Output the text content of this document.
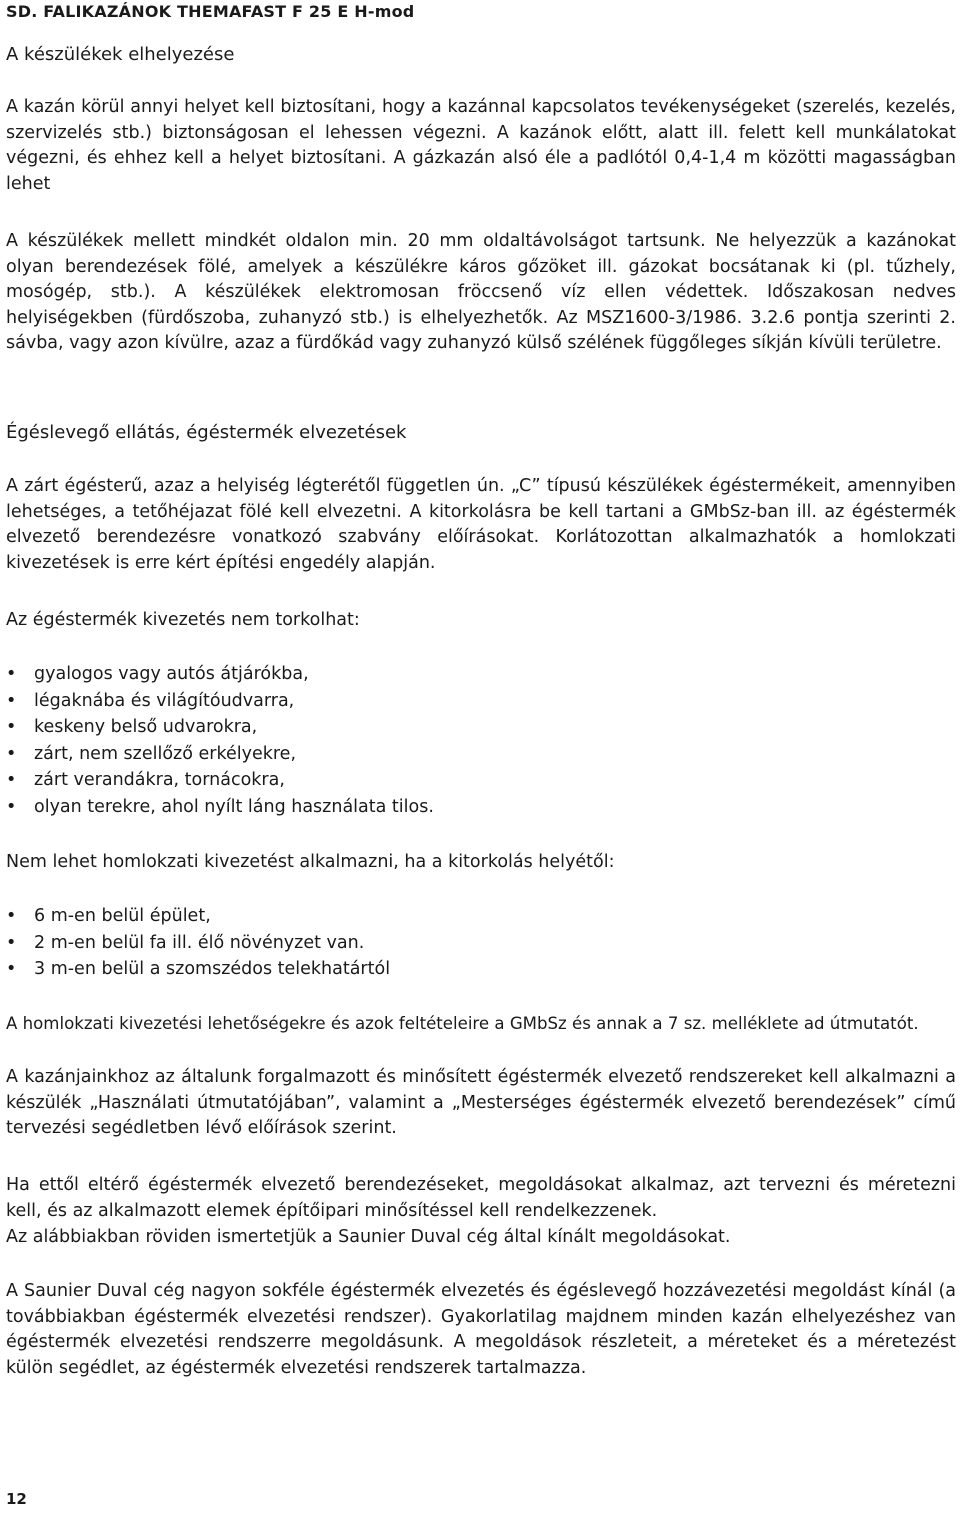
SD. FALIKAZÁNOK THEMAFAST F 25 E H-mod
A készülékek elhelyezése

A kazán körül annyi helyet kell biztosítani, hogy a kazánnal kapcsolatos tevékenységeket (szerelés, kezelés, szervizelés stb.) biztonságosan el lehessen végezni. A kazánok előtt, alatt ill. felett kell munkálatokat végezni, és ehhez kell a helyet biztosítani. A gázkazán alsó éle a padlótól 0,4-1,4 m közötti magasságban lehet

A készülékek mellett mindkét oldalon min. 20 mm oldaltávolságot tartsunk. Ne helyezzük a kazánokat olyan berendezések fölé, amelyek a készülékre káros gőzöket ill. gázokat bocsátanak ki (pl. tűzhely, mosógép, stb.). A készülékek elektromosan fröccsenő víz ellen védettek. Időszakosan nedves helyiségekben (fürdőszoba, zuhanyzó stb.) is elhelyezhetők. Az MSZ1600-3/1986. 3.2.6 pontja szerinti 2. sávba, vagy azon kívülre, azaz a fürdőkád vagy zuhanyzó külső szélének függőleges síkján kívüli területre.

Égéslevegő ellátás, égéstermék elvezetések

A zárt égésterű, azaz a helyiség légterétől független ún. „C” típusú készülékek égéstermékeit, amennyiben lehetséges, a tetőhéjazat fölé kell elvezetni. A kitorkolásra be kell tartani a GMbSz-ban ill. az égéstermék elvezető berendezésre vonatkozó szabvány előírásokat. Korlátozottan alkalmazhatók a homlokzati kivezetések is erre kért építési engedély alapján.

Az égéstermék kivezetés nem torkolhat:

• gyalogos vagy autós átjárókba,
• légaknába és világítóudvarra,
• keskeny belső udvarokra,
• zárt, nem szellőző erkélyekre,
• zárt verandákra, tornácokra,
• olyan terekre, ahol nyílt láng használata tilos.

Nem lehet homlokzati kivezetést alkalmazni, ha a kitorkolás helyétől:

• 6 m-en belül épület,
• 2 m-en belül fa ill. élő növényzet van.
• 3 m-en belül a szomszédos telekhatártól

A homlokzati kivezetési lehetőségekre és azok feltételeire a GMbSz és annak a 7 sz. melléklete ad útmutatót.

A kazánjainkhoz az általunk forgalmazott és minősített égéstermék elvezető rendszereket kell alkalmazni a készülék „Használati útmutatójában”, valamint a „Mesterséges égéstermék elvezető berendezések” című tervezési segédletben lévő előírások szerint.

Ha ettől eltérő égéstermék elvezető berendezéseket, megoldásokat alkalmaz, azt tervezni és méretezni kell, és az alkalmazott elemek építőipari minősítéssel kell rendelkezzenek.

Az alábbiakban röviden ismertetjük a Saunier Duval cég által kínált megoldásokat.

A Saunier Duval cég nagyon sokféle égéstermék elvezetés és égéslevegő hozzávezetési megoldást kínál (a továbbiakban égéstermék elvezetési rendszer). Gyakorlatilag majdnem minden kazán elhelyezéshez van égéstermék elvezetési rendszerre megoldásunk. A megoldások részleteit, a méreteket és a méretezést külön segédlet, az égéstermék elvezetési rendszerek tartalmazza.

12
